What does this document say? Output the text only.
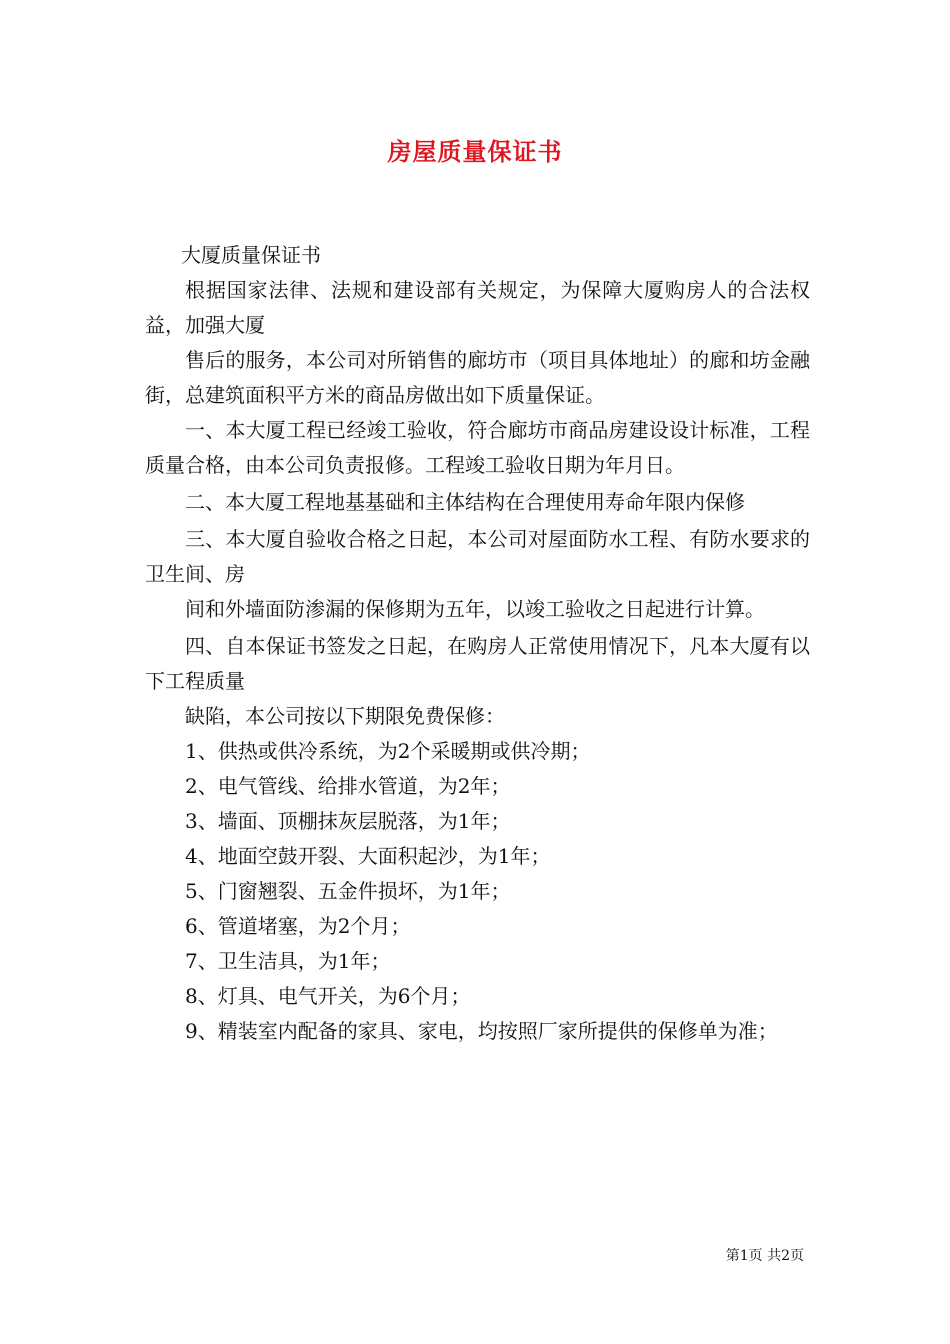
房屋质量保证书

大厦质量保证书

根据国家法律、法规和建设部有关规定，为保障大厦购房人的合法权益，加强大厦

售后的服务，本公司对所销售的廊坊市（项目具体地址）的廊和坊金融街，总建筑面积平方米的商品房做出如下质量保证。

一、本大厦工程已经竣工验收，符合廊坊市商品房建设设计标准，工程质量合格，由本公司负责报修。工程竣工验收日期为年月日。

二、本大厦工程地基基础和主体结构在合理使用寿命年限内保修

三、本大厦自验收合格之日起，本公司对屋面防水工程、有防水要求的卫生间、房

间和外墙面防渗漏的保修期为五年，以竣工验收之日起进行计算。

四、自本保证书签发之日起，在购房人正常使用情况下，凡本大厦有以下工程质量

缺陷，本公司按以下期限免费保修：

1、供热或供冷系统，为2个采暖期或供冷期；

2、电气管线、给排水管道，为2年；

3、墙面、顶棚抹灰层脱落，为1年；

4、地面空鼓开裂、大面积起沙，为1年；

5、门窗翘裂、五金件损坏，为1年；

6、管道堵塞，为2个月；

7、卫生洁具，为1年；

8、灯具、电气开关，为6个月；

9、精装室内配备的家具、家电，均按照厂家所提供的保修单为准；

第1页 共2页
